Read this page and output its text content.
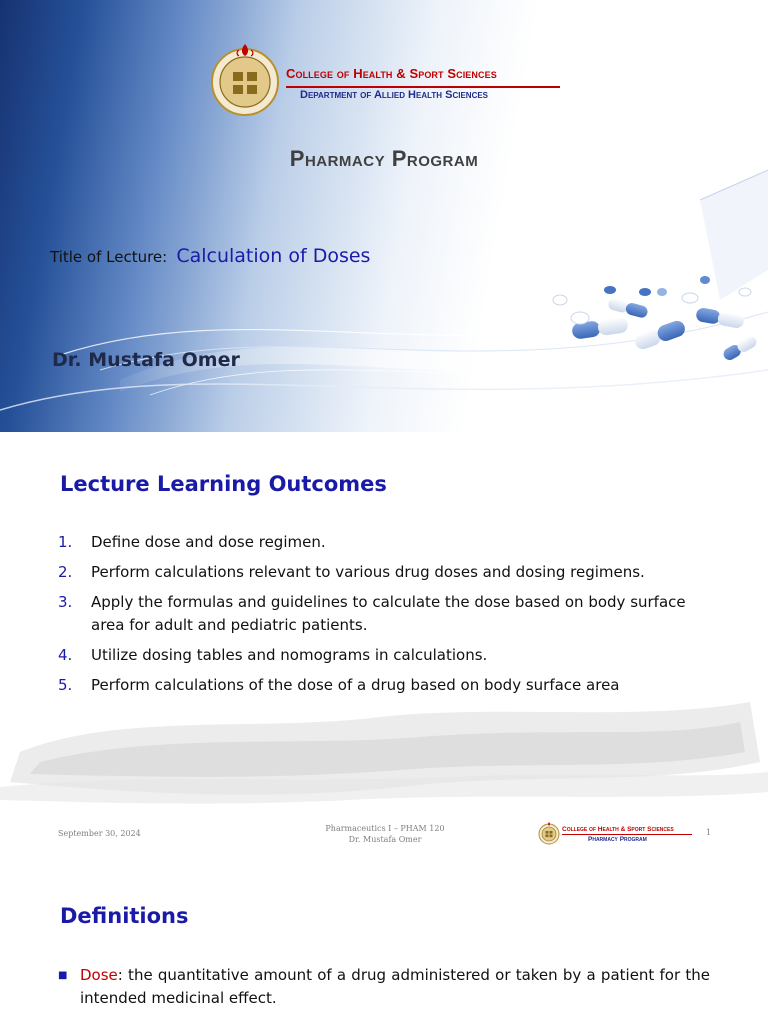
College of Health & Sport Sciences
Department of Allied Health Sciences
Pharmacy Program
Title of Lecture: Calculation of Doses
Dr. Mustafa Omer
Lecture Learning Outcomes
1.	Define dose and dose regimen.
2.	Perform calculations relevant to various drug doses and dosing regimens.
3.	Apply the formulas and guidelines to calculate the dose based on body surface area for adult and pediatric patients.
4.	Utilize dosing tables and nomograms in calculations.
5.	Perform calculations of the dose of a drug based on body surface area
September 30, 2024
Pharmaceutics I – PHAM 120
Dr. Mustafa Omer
College of Health & Sport Sciences
Pharmacy Program
1
Definitions
■ Dose: the quantitative amount of a drug administered or taken by a patient for the intended medicinal effect.
